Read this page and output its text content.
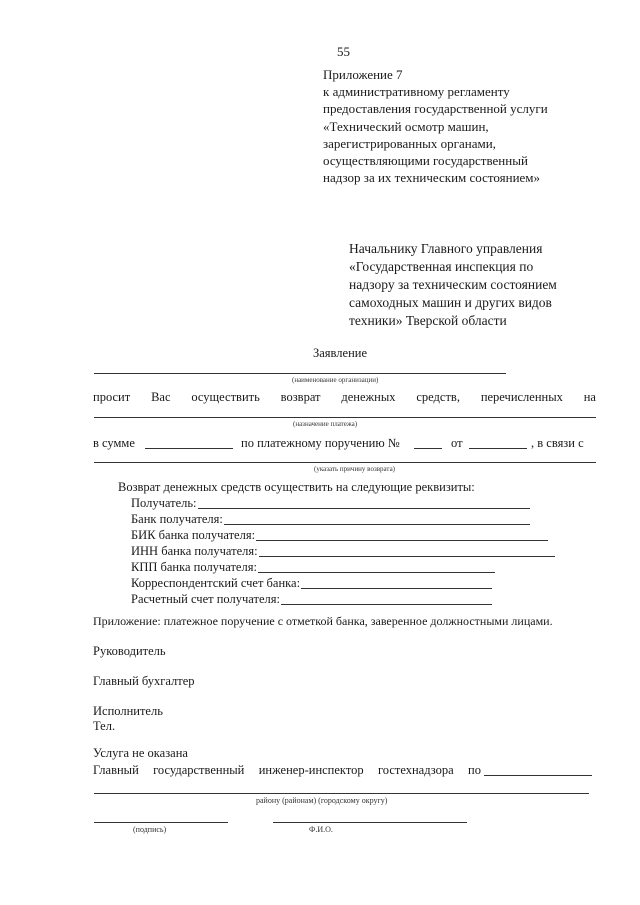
55
Приложение 7
к административному регламенту
предоставления государственной услуги
«Технический осмотр машин,
зарегистрированных органами,
осуществляющими государственный
надзор за их техническим состоянием»
Начальнику Главного управления
«Государственная инспекция по
надзору за техническим состоянием
самоходных машин и других видов
техники» Тверской области
Заявление
(наименование организации)
просит Вас осуществить возврат денежных средств, перечисленных на
(назначение платежа)
в сумме	по платежному поручению №	от	, в связи с
(указать причину возврата)
Возврат денежных средств осуществить на следующие реквизиты:
Получатель:
Банк получателя:
БИК банка получателя:
ИНН банка получателя:
КПП банка получателя:
Корреспондентский счет банка:
Расчетный счет получателя:
Приложение: платежное поручение с отметкой банка, заверенное должностными лицами.
Руководитель
Главный бухгалтер
Исполнитель
Тел.
Услуга не оказана
Главный государственный инженер-инспектор гостехнадзора по
району (районам) (городскому округу)
(подпись)	Ф.И.О.
